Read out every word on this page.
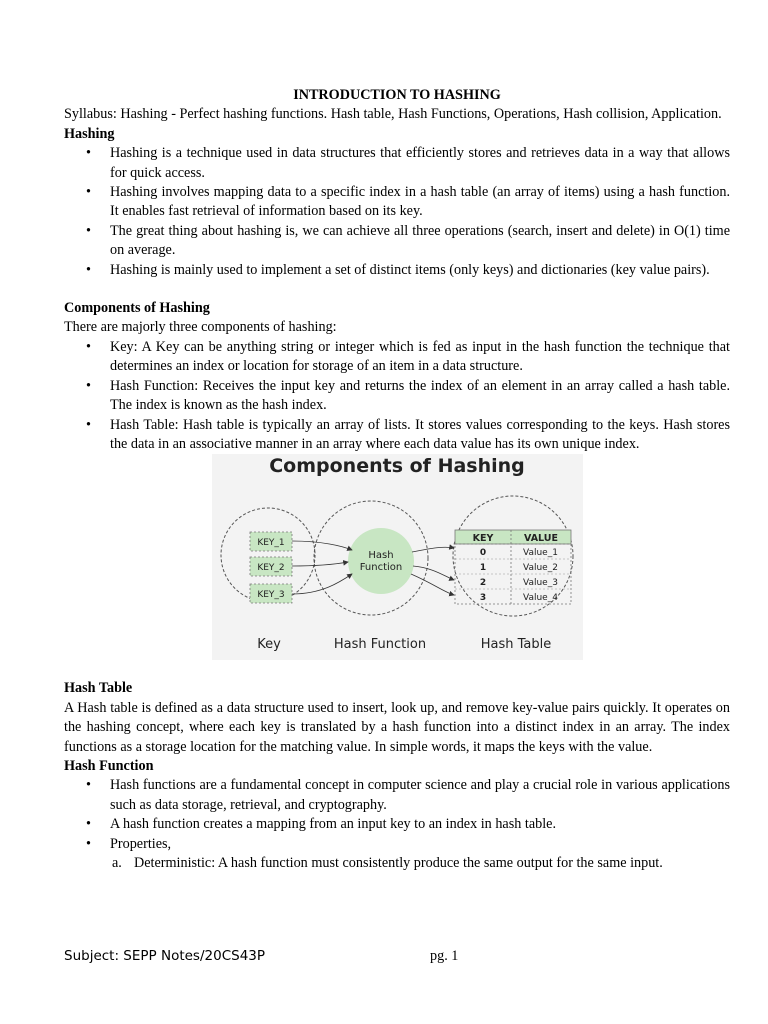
INTRODUCTION TO HASHING

Syllabus: Hashing - Perfect hashing functions. Hash table, Hash Functions, Operations, Hash collision, Application.

Hashing

• Hashing is a technique used in data structures that efficiently stores and retrieves data in a way that allows for quick access.
• Hashing involves mapping data to a specific index in a hash table (an array of items) using a hash function. It enables fast retrieval of information based on its key.
• The great thing about hashing is, we can achieve all three operations (search, insert and delete) in O(1) time on average.
• Hashing is mainly used to implement a set of distinct items (only keys) and dictionaries (key value pairs).

Components of Hashing

There are majorly three components of hashing:

• Key: A Key can be anything string or integer which is fed as input in the hash function the technique that determines an index or location for storage of an item in a data structure.
• Hash Function: Receives the input key and returns the index of an element in an array called a hash table. The index is known as the hash index.
• Hash Table: Hash table is typically an array of lists. It stores values corresponding to the keys. Hash stores the data in an associative manner in an array where each data value has its own unique index.
Components of Hashing
KEY_1
KEY_2
KEY_3
Hash
Function
KEY	VALUE
0	Value_1
1	Value_2
2	Value_3
3	Value_4
Key	Hash Function	Hash Table

Hash Table

A Hash table is defined as a data structure used to insert, look up, and remove key-value pairs quickly. It operates on the hashing concept, where each key is translated by a hash function into a distinct index in an array. The index functions as a storage location for the matching value. In simple words, it maps the keys with the value.

Hash Function

• Hash functions are a fundamental concept in computer science and play a crucial role in various applications such as data storage, retrieval, and cryptography.
• A hash function creates a mapping from an input key to an index in hash table.
• Properties,
a. Deterministic: A hash function must consistently produce the same output for the same input.
Subject: SEPP Notes/20CS43P	pg. 1
